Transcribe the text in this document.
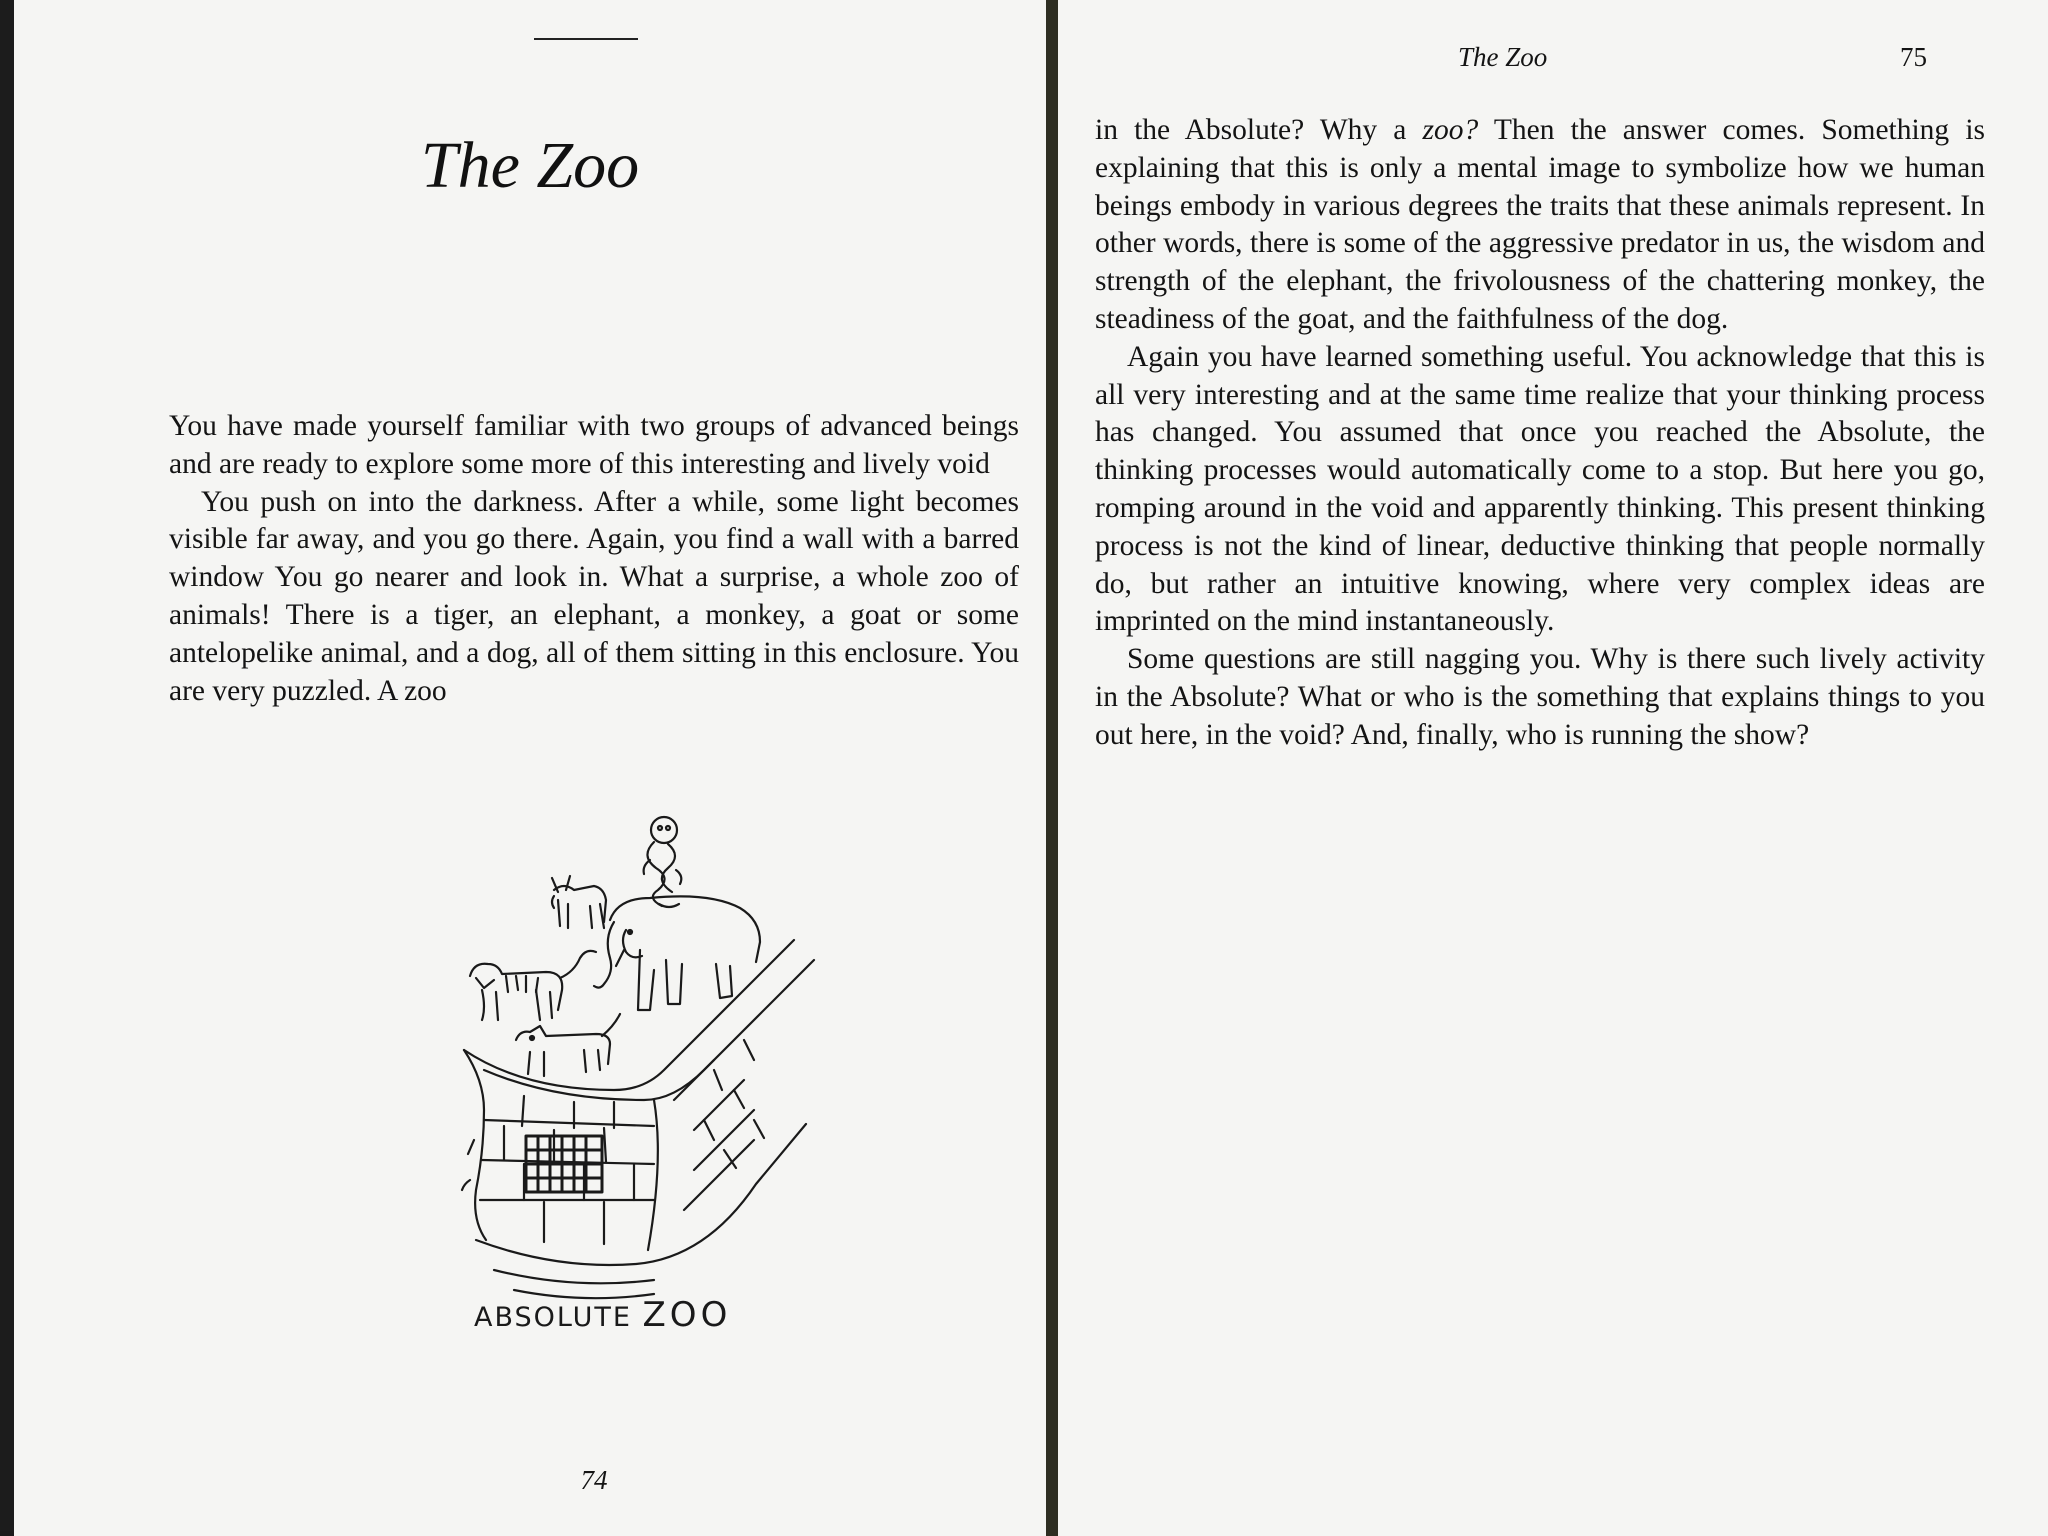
The Zoo

You have made yourself familiar with two groups of advanced beings and are ready to explore some more of this interesting and lively void

You push on into the darkness. After a while, some light becomes visible far away, and you go there. Again, you find a wall with a barred window You go nearer and look in. What a surprise, a whole zoo of animals! There is a tiger, an elephant, a monkey, a goat or some antelopelike animal, and a dog, all of them sitting in this enclosure. You are very puzzled. A zoo

ABSOLUTE ZOO
74
The Zoo	75

in the Absolute? Why a zoo? Then the answer comes. Something is explaining that this is only a mental image to symbolize how we human beings embody in various degrees the traits that these animals represent. In other words, there is some of the aggressive predator in us, the wisdom and strength of the elephant, the frivolousness of the chattering monkey, the steadiness of the goat, and the faithfulness of the dog.

Again you have learned something useful. You acknowledge that this is all very interesting and at the same time realize that your thinking process has changed. You assumed that once you reached the Absolute, the thinking processes would automatically come to a stop. But here you go, romping around in the void and apparently thinking. This present thinking process is not the kind of linear, deductive thinking that people normally do, but rather an intuitive knowing, where very complex ideas are imprinted on the mind instantaneously.

Some questions are still nagging you. Why is there such lively activity in the Absolute? What or who is the something that explains things to you out here, in the void? And, finally, who is running the show?
